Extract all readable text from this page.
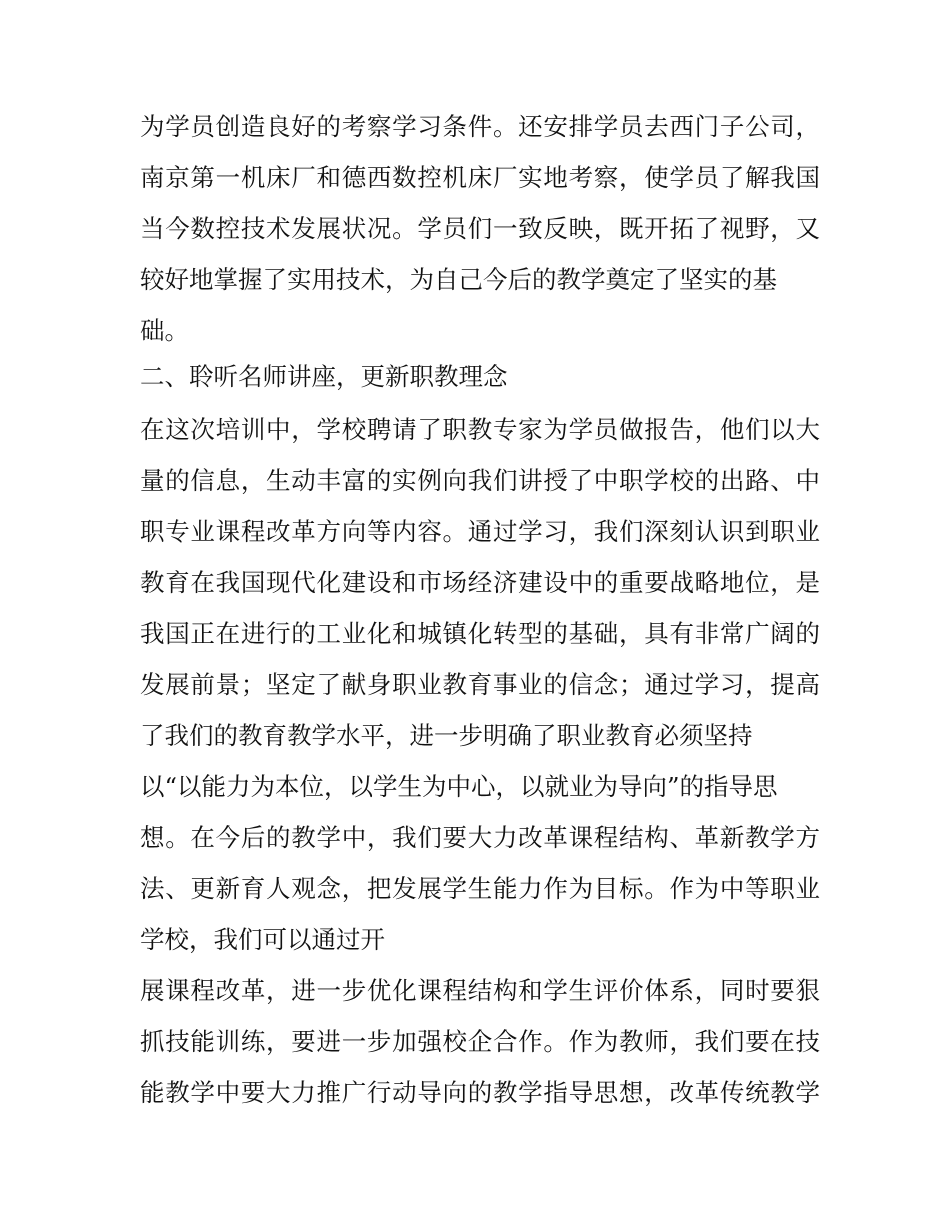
为学员创造良好的考察学习条件。还安排学员去西门子公司，
南京第一机床厂和德西数控机床厂实地考察，使学员了解我国
当今数控技术发展状况。学员们一致反映，既开拓了视野，又
较好地掌握了实用技术，为自己今后的教学奠定了坚实的基
础。
二、聆听名师讲座，更新职教理念
在这次培训中，学校聘请了职教专家为学员做报告，他们以大
量的信息，生动丰富的实例向我们讲授了中职学校的出路、中
职专业课程改革方向等内容。通过学习，我们深刻认识到职业
教育在我国现代化建设和市场经济建设中的重要战略地位，是
我国正在进行的工业化和城镇化转型的基础，具有非常广阔的
发展前景；坚定了献身职业教育事业的信念；通过学习，提高
了我们的教育教学水平，进一步明确了职业教育必须坚持
以“以能力为本位，以学生为中心，以就业为导向”的指导思
想。在今后的教学中，我们要大力改革课程结构、革新教学方
法、更新育人观念，把发展学生能力作为目标。作为中等职业
学校，我们可以通过开
展课程改革，进一步优化课程结构和学生评价体系，同时要狠
抓技能训练，要进一步加强校企合作。作为教师，我们要在技
能教学中要大力推广行动导向的教学指导思想，改革传统教学
